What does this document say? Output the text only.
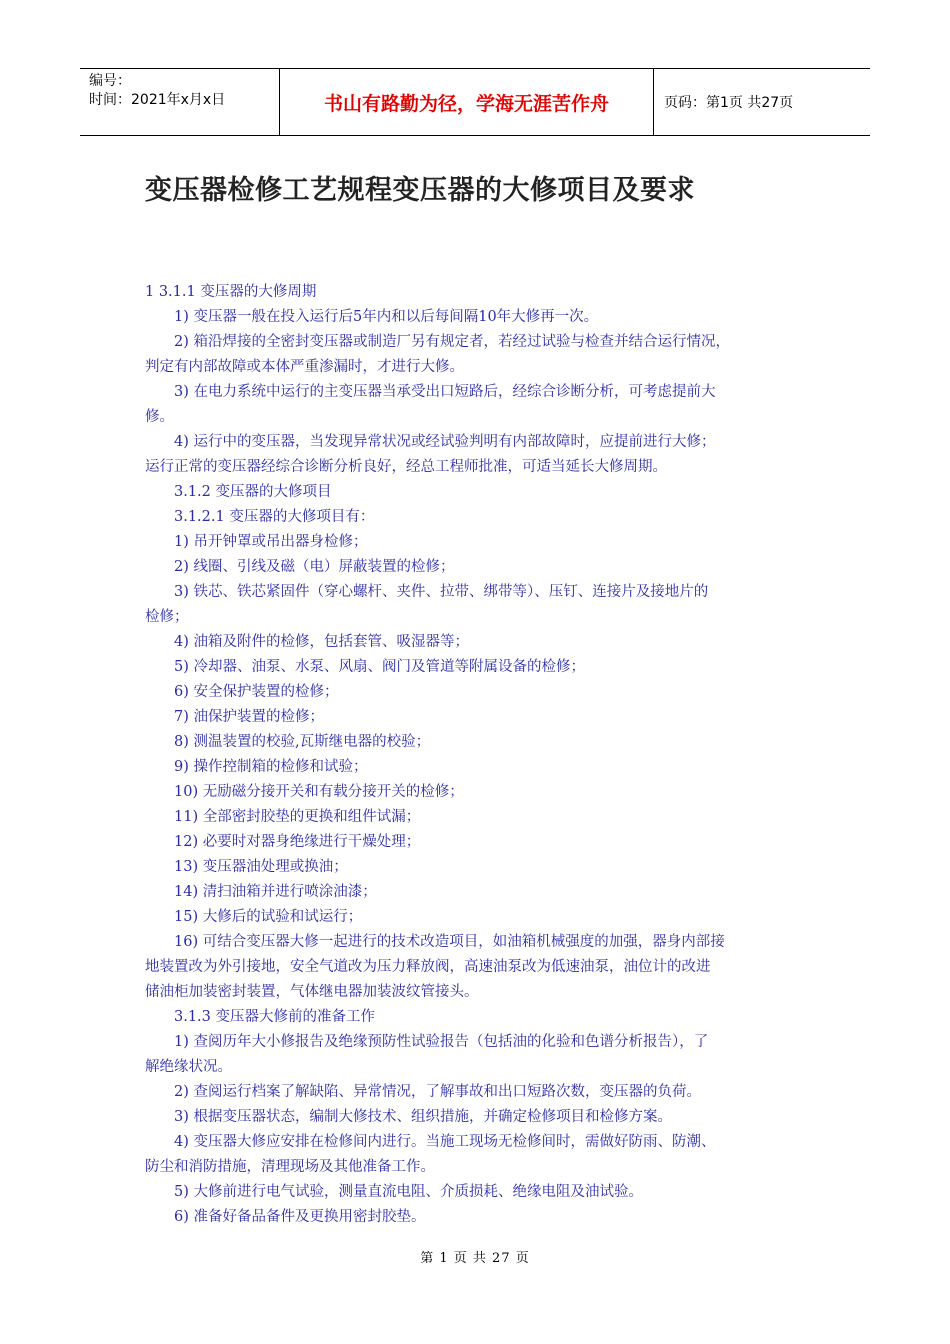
编号：
时间：2021年x月x日	书山有路勤为径，学海无涯苦作舟	页码：第1页 共27页
变压器检修工艺规程变压器的大修项目及要求

1 3.1.1 变压器的大修周期

1) 变压器一般在投入运行后5年内和以后每间隔10年大修再一次。

2) 箱沿焊接的全密封变压器或制造厂另有规定者，若经过试验与检查并结合运行情况，

判定有内部故障或本体严重渗漏时，才进行大修。

3) 在电力系统中运行的主变压器当承受出口短路后，经综合诊断分析，可考虑提前大

修。

4) 运行中的变压器，当发现异常状况或经试验判明有内部故障时，应提前进行大修；

运行正常的变压器经综合诊断分析良好，经总工程师批准，可适当延长大修周期。

3.1.2 变压器的大修项目

3.1.2.1 变压器的大修项目有：

1) 吊开钟罩或吊出器身检修；

2) 线圈、引线及磁（电）屏蔽装置的检修；

3) 铁芯、铁芯紧固件（穿心螺杆、夹件、拉带、绑带等）、压钉、连接片及接地片的

检修；

4) 油箱及附件的检修，包括套管、吸湿器等；

5) 冷却器、油泵、水泵、风扇、阀门及管道等附属设备的检修；

6) 安全保护装置的检修；

7) 油保护装置的检修；

8) 测温装置的校验,瓦斯继电器的校验；

9) 操作控制箱的检修和试验；

10) 无励磁分接开关和有载分接开关的检修；

11) 全部密封胶垫的更换和组件试漏；

12) 必要时对器身绝缘进行干燥处理；

13) 变压器油处理或换油；

14) 清扫油箱并进行喷涂油漆；

15) 大修后的试验和试运行；

16) 可结合变压器大修一起进行的技术改造项目，如油箱机械强度的加强，器身内部接

地装置改为外引接地，安全气道改为压力释放阀，高速油泵改为低速油泵，油位计的改进

储油柜加装密封装置，气体继电器加装波纹管接头。

3.1.3 变压器大修前的准备工作

1) 查阅历年大小修报告及绝缘预防性试验报告（包括油的化验和色谱分析报告），了

解绝缘状况。

2) 查阅运行档案了解缺陷、异常情况，了解事故和出口短路次数，变压器的负荷。

3) 根据变压器状态，编制大修技术、组织措施，并确定检修项目和检修方案。

4) 变压器大修应安排在检修间内进行。当施工现场无检修间时，需做好防雨、防潮、

防尘和消防措施，清理现场及其他准备工作。

5) 大修前进行电气试验，测量直流电阻、介质损耗、绝缘电阻及油试验。

6) 准备好备品备件及更换用密封胶垫。

第 1 页 共 27 页
